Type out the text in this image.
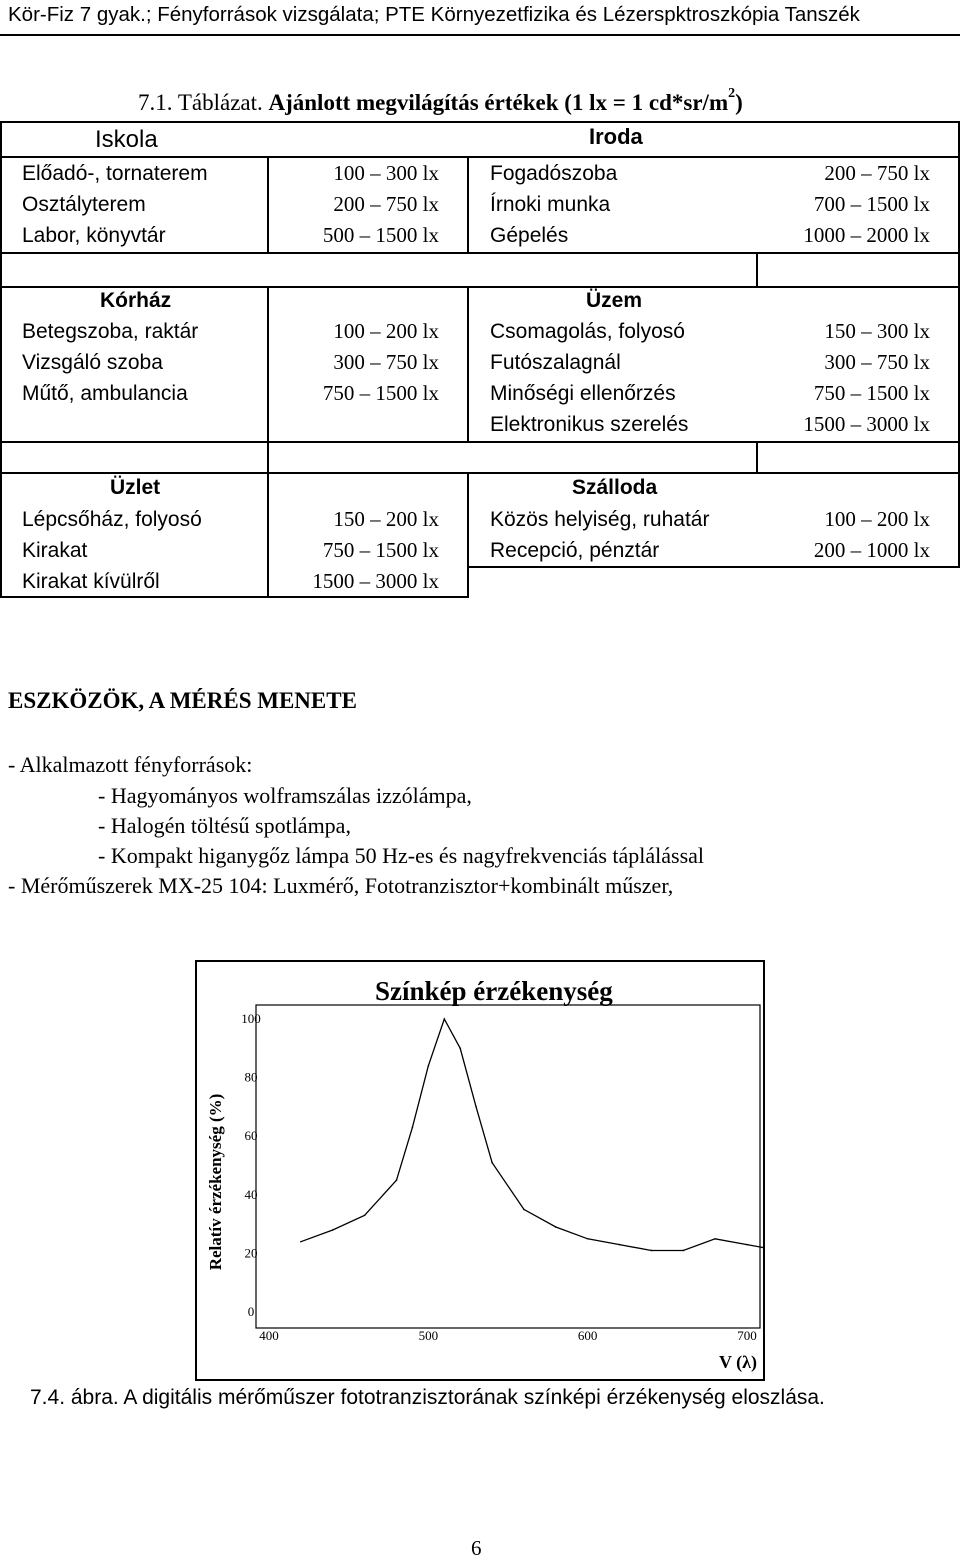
Kör-Fiz 7 gyak.; Fényforrások vizsgálata; PTE Környezetfizika és Lézerspktroszkópia Tanszék
7.1. Táblázat. Ajánlott megvilágítás értékek (1 lx = 1 $cd*sr/m^2$)
Iskola	Iroda
Előadó-, tornaterem	100 – 300 lx Fogadószoba	200 – 750 lx
Osztályterem	200 – 750 lx Írnoki munka	700 – 1500 lx
Labor, könyvtár	500 – 1500 lx Gépelés	1000 – 2000 lx
Kórház	Üzem
Betegszoba, raktár	100 – 200 lx Csomagolás, folyosó	150 – 300 lx
Vizsgáló szoba	300 – 750 lx Futószalagnál	300 – 750 lx
Műtő, ambulancia	750 – 1500 lx Minőségi ellenőrzés	750 – 1500 lx
Elektronikus szerelés	1500 – 3000 lx
Üzlet	Szálloda
Lépcsőház, folyosó	150 – 200 lx Közös helyiség, ruhatár	100 – 200 lx
Kirakat	750 – 1500 lx Recepció, pénztár	200 – 1000 lx
Kirakat kívülről	1500 – 3000 lx
ESZKÖZÖK, A MÉRÉS MENETE
- Alkalmazott fényforrások:
- Hagyományos wolframszálas izzólámpa,
- Halogén töltésű spotlámpa,
- Kompakt higanygőz lámpa 50 Hz-es és nagyfrekvenciás táplálással
- Mérőműszerek MX-25 104: Luxmérő, Fototranzisztor+kombinált műszer,
Színkép érzékenység
Relatív érzékenység (%)
0
20
40
60
80
100
400	500	600	700
V (λ)
7.4. ábra. A digitális mérőműszer fototranzisztorának színképi érzékenység eloszlása.
6
